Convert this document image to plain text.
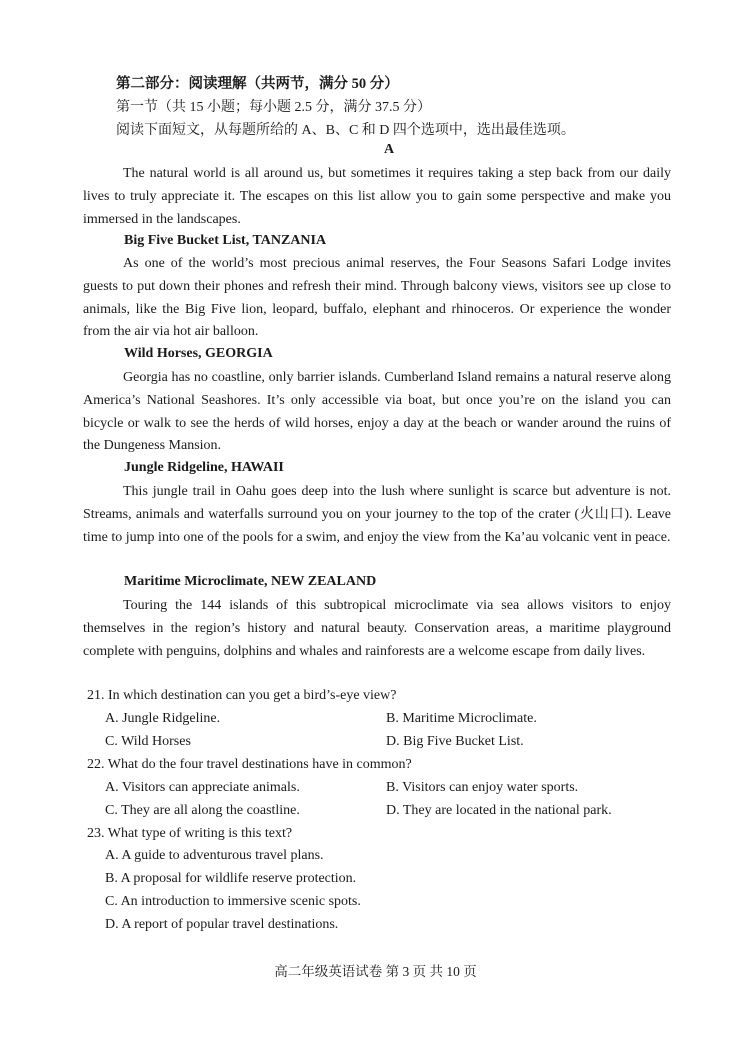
第二部分：阅读理解（共两节，满分 50 分）
第一节（共 15 小题；每小题 2.5 分，满分 37.5 分）
阅读下面短文，从每题所给的 A、B、C 和 D 四个选项中，选出最佳选项。
A

The natural world is all around us, but sometimes it requires taking a step back from our daily lives to truly appreciate it. The escapes on this list allow you to gain some perspective and make you immersed in the landscapes.

Big Five Bucket List, TANZANIA

As one of the world’s most precious animal reserves, the Four Seasons Safari Lodge invites guests to put down their phones and refresh their mind. Through balcony views, visitors see up close to animals, like the Big Five lion, leopard, buffalo, elephant and rhinoceros. Or experience the wonder from the air via hot air balloon.

Wild Horses, GEORGIA

Georgia has no coastline, only barrier islands. Cumberland Island remains a natural reserve along America’s National Seashores. It’s only accessible via boat, but once you’re on the island you can bicycle or walk to see the herds of wild horses, enjoy a day at the beach or wander around the ruins of the Dungeness Mansion.

Jungle Ridgeline, HAWAII

This jungle trail in Oahu goes deep into the lush where sunlight is scarce but adventure is not. Streams, animals and waterfalls surround you on your journey to the top of the crater (火山口). Leave time to jump into one of the pools for a swim, and enjoy the view from the Ka’au volcanic vent in peace.

Maritime Microclimate, NEW ZEALAND

Touring the 144 islands of this subtropical microclimate via sea allows visitors to enjoy themselves in the region’s history and natural beauty. Conservation areas, a maritime playground complete with penguins, dolphins and whales and rainforests are a welcome escape from daily lives.

21. In which destination can you get a bird’s-eye view?
A. Jungle Ridgeline.	B. Maritime Microclimate.
C. Wild Horses	D. Big Five Bucket List.
22. What do the four travel destinations have in common?
A. Visitors can appreciate animals.	B. Visitors can enjoy water sports.
C. They are all along the coastline.	D. They are located in the national park.
23. What type of writing is this text?
A. A guide to adventurous travel plans.
B. A proposal for wildlife reserve protection.
C. An introduction to immersive scenic spots.
D. A report of popular travel destinations.
高二年级英语试卷 第 3 页 共 10 页
